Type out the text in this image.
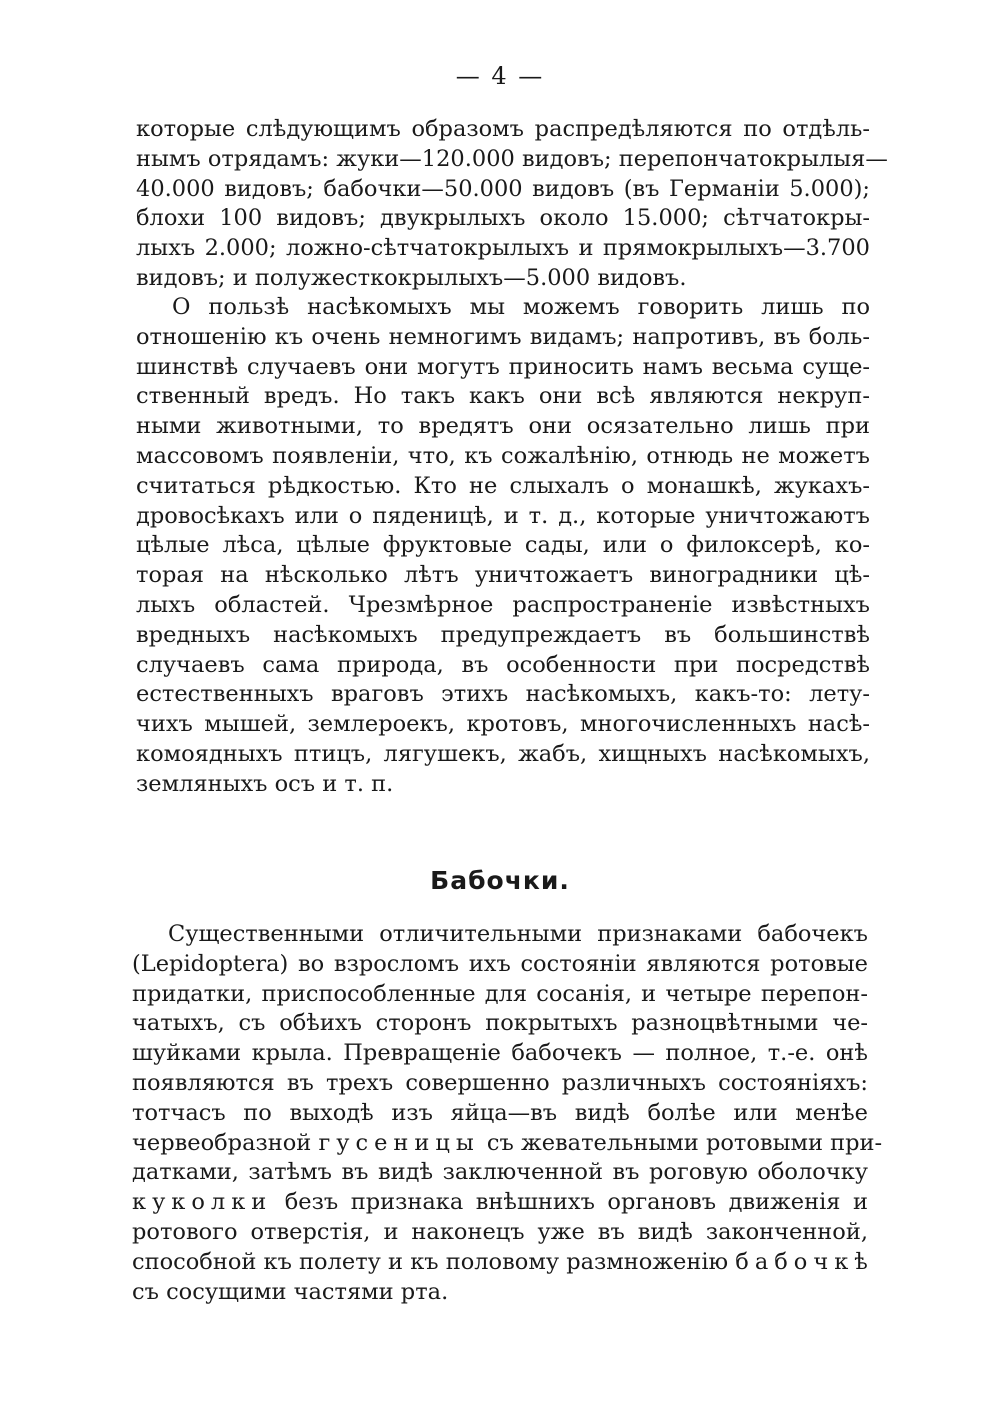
— 4 —
которые слѣдующимъ образомъ распредѣляются по отдѣль-
нымъ отрядамъ: жуки—120.000 видовъ; перепончатокрылыя—
40.000 видовъ; бабочки—50.000 видовъ (въ Германіи 5.000);
блохи 100 видовъ; двукрылыхъ около 15.000; сѣтчатокры-
лыхъ 2.000; ложно-сѣтчатокрылыхъ и прямокрылыхъ—3.700
видовъ; и полужесткокрылыхъ—5.000 видовъ.
О пользѣ насѣкомыхъ мы можемъ говорить лишь по
отношенію къ очень немногимъ видамъ; напротивъ, въ боль-
шинствѣ случаевъ они могутъ приносить намъ весьма суще-
ственный вредъ. Но такъ какъ они всѣ являются некруп-
ными животными, то вредятъ они осязательно лишь при
массовомъ появленіи, что, къ сожалѣнію, отнюдь не можетъ
считаться рѣдкостью. Кто не слыхалъ о монашкѣ, жукахъ-
дровосѣкахъ или о пяденицѣ, и т. д., которые уничтожаютъ
цѣлые лѣса, цѣлые фруктовые сады, или о филоксерѣ, ко-
торая на нѣсколько лѣтъ уничтожаетъ виноградники цѣ-
лыхъ областей. Чрезмѣрное распространеніе извѣстныхъ
вредныхъ насѣкомыхъ предупреждаетъ въ большинствѣ
случаевъ сама природа, въ особенности при посредствѣ
естественныхъ враговъ этихъ насѣкомыхъ, какъ-то: лету-
чихъ мышей, землероекъ, кротовъ, многочисленныхъ насѣ-
комоядныхъ птицъ, лягушекъ, жабъ, хищныхъ насѣкомыхъ,
земляныхъ осъ и т. п.
Бабочки.
Существенными отличительными признаками бабочекъ
(Lepidoptera) во взросломъ ихъ состояніи являются ротовые
придатки, приспособленные для сосанія, и четыре перепон-
чатыхъ, съ обѣихъ сторонъ покрытыхъ разноцвѣтными че-
шуйками крыла. Превращеніе бабочекъ — полное, т.-е. онѣ
появляются въ трехъ совершенно различныхъ состояніяхъ:
тотчасъ по выходѣ изъ яйца—въ видѣ болѣе или менѣе
червеобразной гусеницы съ жевательными ротовыми при-
датками, затѣмъ въ видѣ заключенной въ роговую оболочку
куколки безъ признака внѣшнихъ органовъ движенія и
ротового отверстія, и наконецъ уже въ видѣ законченной,
способной къ полету и къ половому размноженію бабочкѣ
съ сосущими частями рта.
